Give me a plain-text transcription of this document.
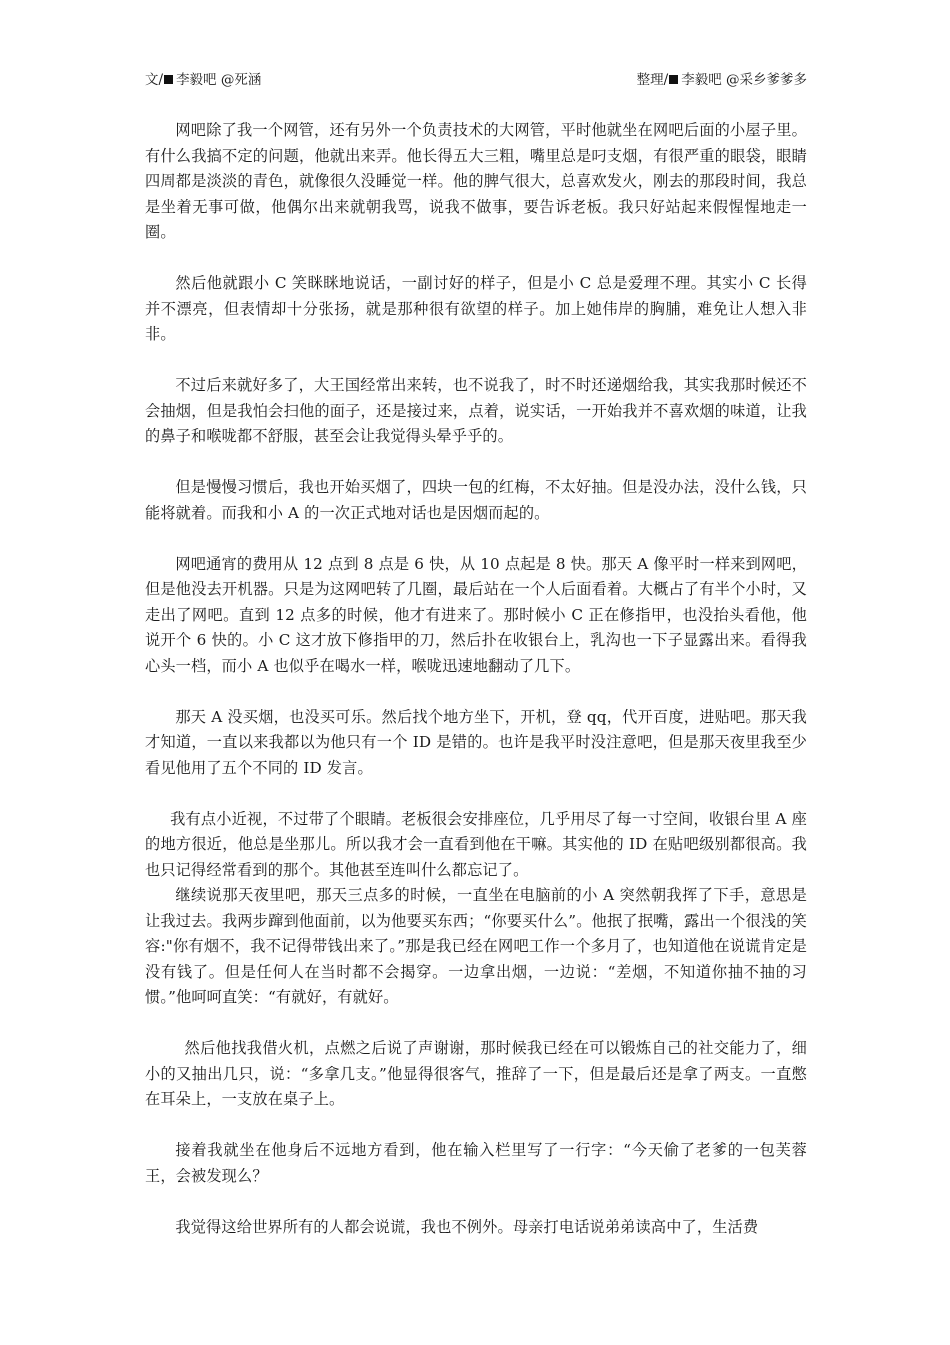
文/ 李毅吧 @死涵	整理/ 李毅吧 @采乡爹爹多

网吧除了我一个网管，还有另外一个负责技术的大网管，平时他就坐在网吧后面的小屋子里。有什么我搞不定的问题，他就出来弄。他长得五大三粗，嘴里总是叼支烟，有很严重的眼袋，眼睛四周都是淡淡的青色，就像很久没睡觉一样。他的脾气很大，总喜欢发火，刚去的那段时间，我总是坐着无事可做，他偶尔出来就朝我骂，说我不做事，要告诉老板。我只好站起来假惺惺地走一圈。

然后他就跟小 C 笑眯眯地说话，一副讨好的样子，但是小 C 总是爱理不理。其实小 C 长得并不漂亮，但表情却十分张扬，就是那种很有欲望的样子。加上她伟岸的胸脯，难免让人想入非非。

不过后来就好多了，大王国经常出来转，也不说我了，时不时还递烟给我，其实我那时候还不会抽烟，但是我怕会扫他的面子，还是接过来，点着，说实话，一开始我并不喜欢烟的味道，让我的鼻子和喉咙都不舒服，甚至会让我觉得头晕乎乎的。

但是慢慢习惯后，我也开始买烟了，四块一包的红梅，不太好抽。但是没办法，没什么钱，只能将就着。而我和小 A 的一次正式地对话也是因烟而起的。

网吧通宵的费用从 12 点到 8 点是 6 快，从 10 点起是 8 快。那天 A 像平时一样来到网吧，但是他没去开机器。只是为这网吧转了几圈，最后站在一个人后面看着。大概占了有半个小时，又走出了网吧。直到 12 点多的时候，他才有进来了。那时候小 C 正在修指甲，也没抬头看他，他说开个 6 快的。小 C 这才放下修指甲的刀，然后扑在收银台上，乳沟也一下子显露出来。看得我心头一档，而小 A 也似乎在喝水一样，喉咙迅速地翻动了几下。

那天 A 没买烟，也没买可乐。然后找个地方坐下，开机，登 qq，代开百度，进贴吧。那天我才知道，一直以来我都以为他只有一个 ID 是错的。也许是我平时没注意吧，但是那天夜里我至少看见他用了五个不同的 ID 发言。

我有点小近视，不过带了个眼睛。老板很会安排座位，几乎用尽了每一寸空间，收银台里 A 座的地方很近，他总是坐那儿。所以我才会一直看到他在干嘛。其实他的 ID 在贴吧级别都很高。我也只记得经常看到的那个。其他甚至连叫什么都忘记了。

继续说那天夜里吧，那天三点多的时候，一直坐在电脑前的小 A 突然朝我挥了下手，意思是让我过去。我两步蹿到他面前，以为他要买东西；“你要买什么”。他抿了抿嘴，露出一个很浅的笑容:"你有烟不，我不记得带钱出来了。”那是我已经在网吧工作一个多月了，也知道他在说谎肯定是没有钱了。但是任何人在当时都不会揭穿。一边拿出烟，一边说：“差烟，不知道你抽不抽的习惯。”他呵呵直笑：“有就好，有就好。

然后他找我借火机，点燃之后说了声谢谢，那时候我已经在可以锻炼自己的社交能力了，细小的又抽出几只，说：“多拿几支。”他显得很客气，推辞了一下，但是最后还是拿了两支。一直憋在耳朵上，一支放在桌子上。

接着我就坐在他身后不远地方看到，他在输入栏里写了一行字：“今天偷了老爹的一包芙蓉王，会被发现么？

我觉得这给世界所有的人都会说谎，我也不例外。母亲打电话说弟弟读高中了，生活费
